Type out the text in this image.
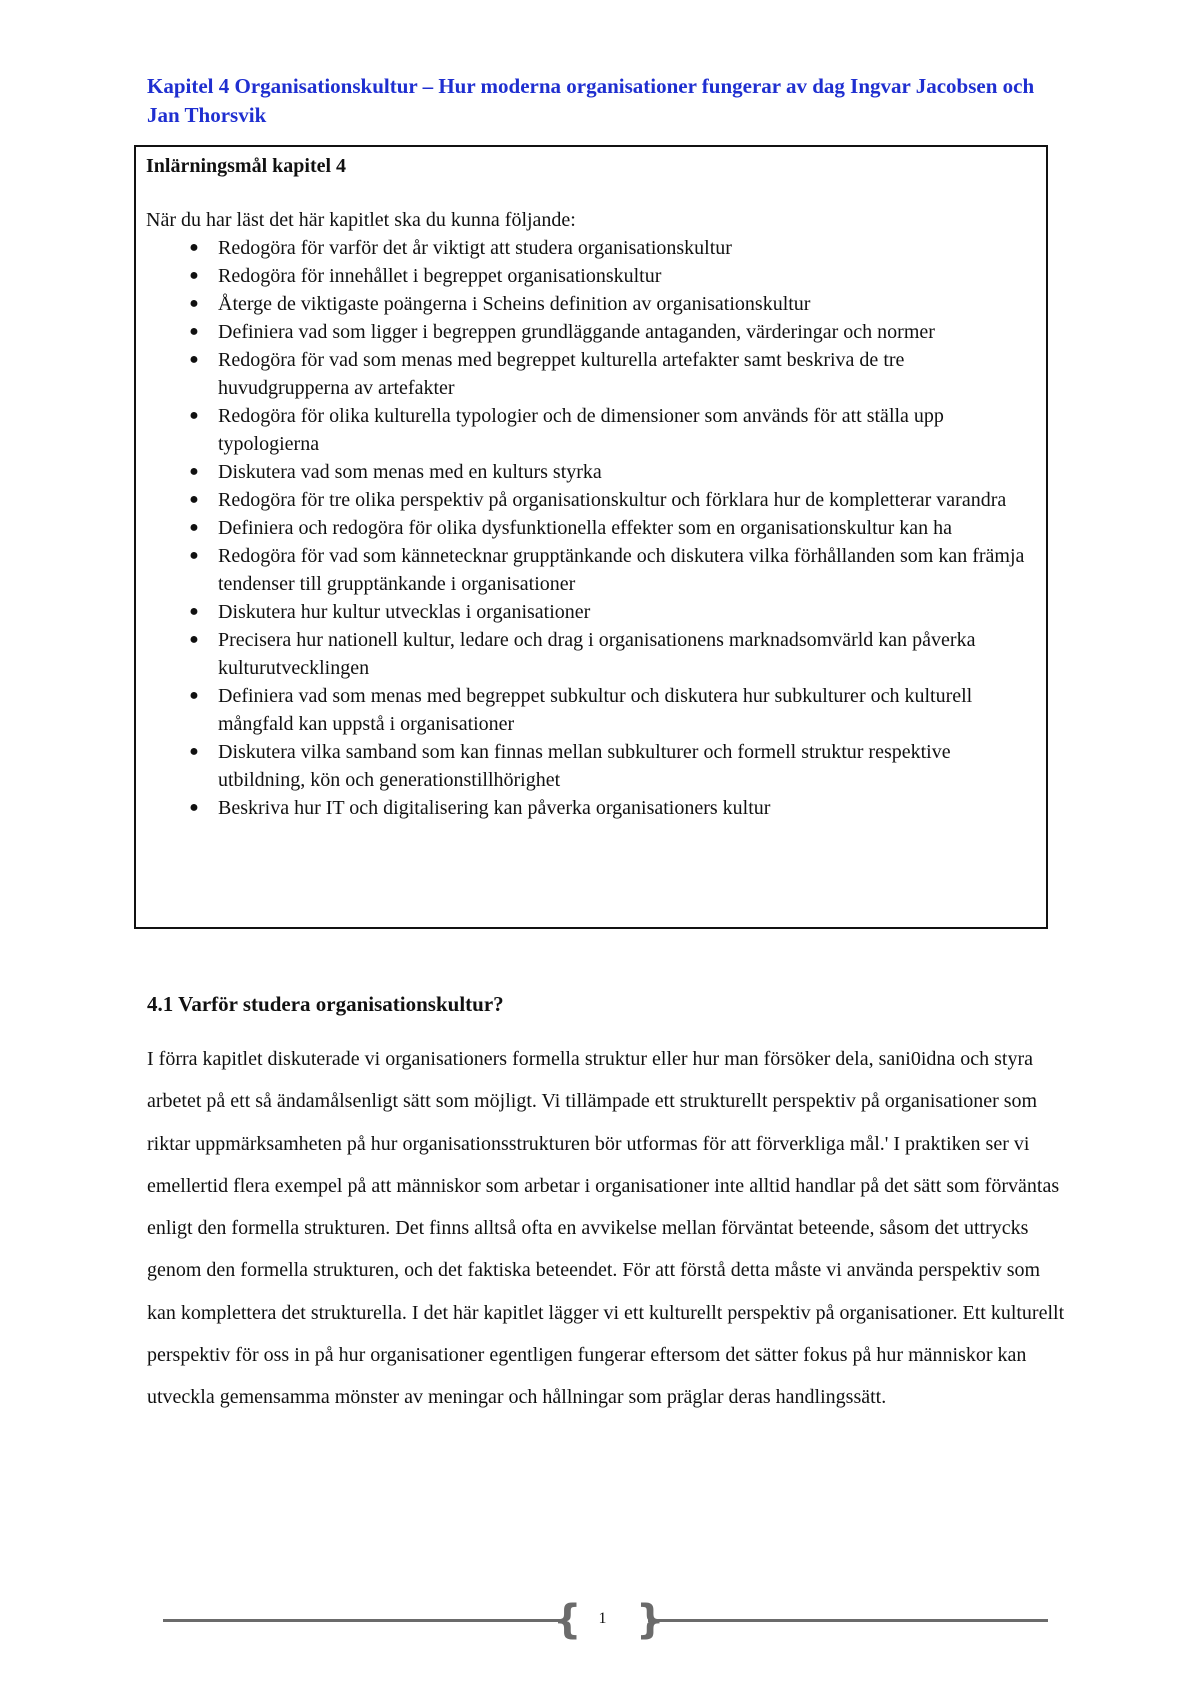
Kapitel 4 Organisationskultur – Hur moderna organisationer fungerar av dag Ingvar Jacobsen och Jan Thorsvik

Inlärningsmål kapitel 4

När du har läst det här kapitlet ska du kunna följande:

● Redogöra för varför det år viktigt att studera organisationskultur
● Redogöra för innehållet i begreppet organisationskultur
● Återge de viktigaste poängerna i Scheins definition av organisationskultur
● Definiera vad som ligger i begreppen grundläggande antaganden, värderingar och normer
● Redogöra för vad som menas med begreppet kulturella artefakter samt beskriva de tre huvudgrupperna av artefakter
● Redogöra för olika kulturella typologier och de dimensioner som används för att ställa upp typologierna
● Diskutera vad som menas med en kulturs styrka
● Redogöra för tre olika perspektiv på organisationskultur och förklara hur de kompletterar varandra
● Definiera och redogöra för olika dysfunktionella effekter som en organisationskultur kan ha
● Redogöra för vad som kännetecknar grupptänkande och diskutera vilka förhållanden som kan främja tendenser till grupptänkande i organisationer
● Diskutera hur kultur utvecklas i organisationer
● Precisera hur nationell kultur, ledare och drag i organisationens marknadsomvärld kan påverka kulturutvecklingen
● Definiera vad som menas med begreppet subkultur och diskutera hur subkulturer och kulturell mångfald kan uppstå i organisationer
● Diskutera vilka samband som kan finnas mellan subkulturer och formell struktur respektive utbildning, kön och generationstillhörighet
● Beskriva hur IT och digitalisering kan påverka organisationers kultur
4.1 Varför studera organisationskultur?

I förra kapitlet diskuterade vi organisationers formella struktur eller hur man försöker dela, sani0idna och styra arbetet på ett så ändamålsenligt sätt som möjligt. Vi tillämpade ett strukturellt perspektiv på organisationer som riktar uppmärksamheten på hur organisationsstrukturen bör utformas för att förverkliga mål.' I praktiken ser vi emellertid flera exempel på att människor som arbetar i organisationer inte alltid handlar på det sätt som förväntas enligt den formella strukturen. Det finns alltså ofta en avvikelse mellan förväntat beteende, såsom det uttrycks genom den formella strukturen, och det faktiska beteendet. För att förstå detta måste vi använda perspektiv som kan komplettera det strukturella. I det här kapitlet lägger vi ett kulturellt perspektiv på organisationer. Ett kulturellt perspektiv för oss in på hur organisationer egentligen fungerar eftersom det sätter fokus på hur människor kan utveckla gemensamma mönster av meningar och hållningar som präglar deras handlingssätt.

{ }
1
